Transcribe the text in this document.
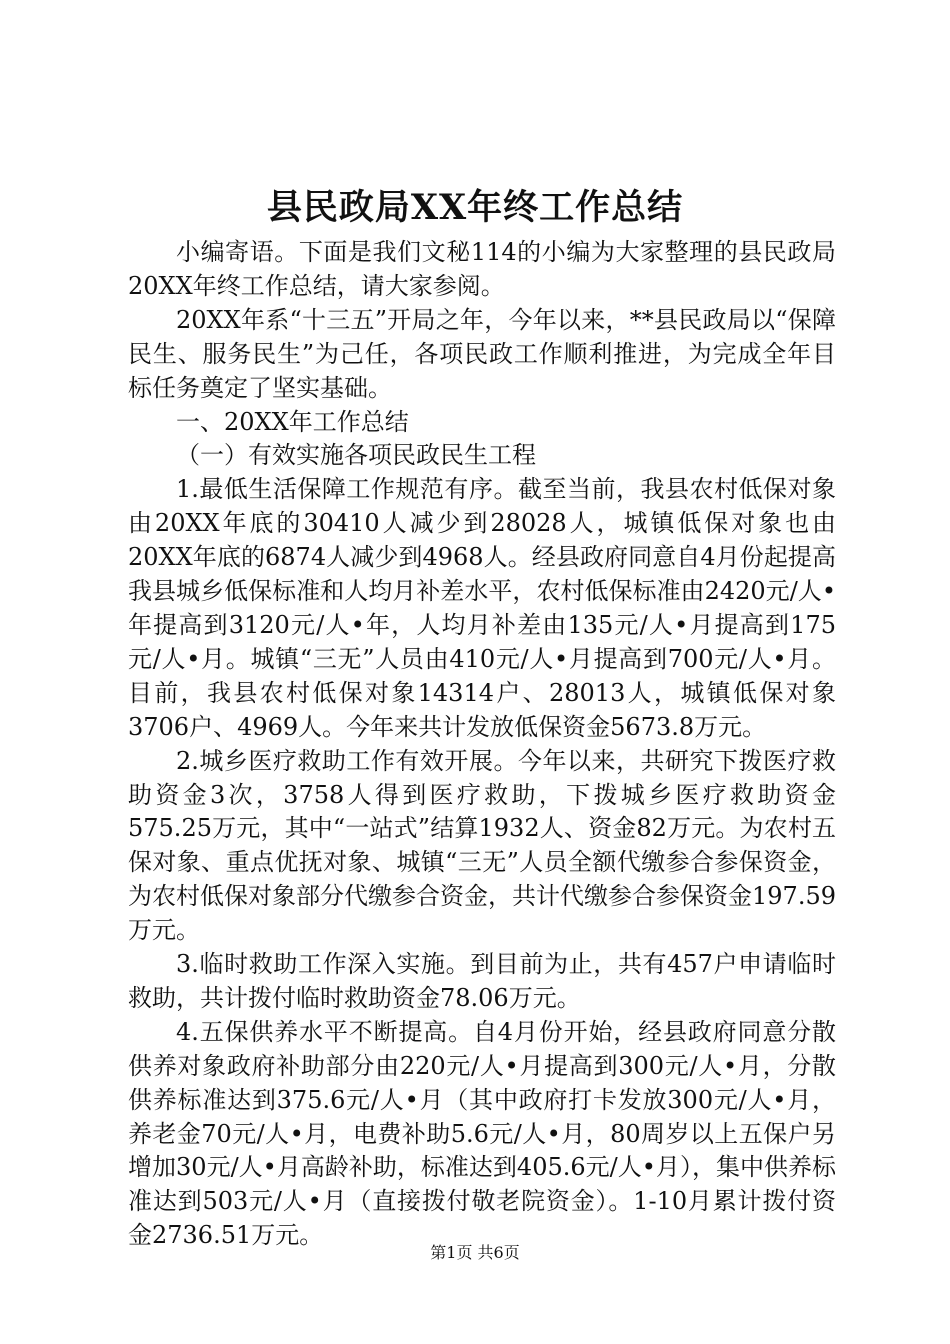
县民政局XX年终工作总结

小编寄语。下面是我们文秘114的小编为大家整理的县民政局20XX年终工作总结，请大家参阅。

20XX年系“十三五”开局之年，今年以来，**县民政局以“保障民生、服务民生”为己任，各项民政工作顺利推进，为完成全年目标任务奠定了坚实基础。

一、20XX年工作总结

（一）有效实施各项民政民生工程

1.最低生活保障工作规范有序。截至当前，我县农村低保对象由20XX年底的30410人减少到28028人，城镇低保对象也由20XX年底的6874人减少到4968人。经县政府同意自4月份起提高我县城乡低保标准和人均月补差水平，农村低保标准由2420元/人•年提高到3120元/人•年，人均月补差由135元/人•月提高到175元/人•月。城镇“三无”人员由410元/人•月提高到700元/人•月。目前，我县农村低保对象14314户、28013人，城镇低保对象3706户、4969人。今年来共计发放低保资金5673.8万元。

2.城乡医疗救助工作有效开展。今年以来，共研究下拨医疗救助资金3次，3758人得到医疗救助，下拨城乡医疗救助资金575.25万元，其中“一站式”结算1932人、资金82万元。为农村五保对象、重点优抚对象、城镇“三无”人员全额代缴参合参保资金，为农村低保对象部分代缴参合资金，共计代缴参合参保资金197.59万元。

3.临时救助工作深入实施。到目前为止，共有457户申请临时救助，共计拨付临时救助资金78.06万元。

4.五保供养水平不断提高。自4月份开始，经县政府同意分散供养对象政府补助部分由220元/人•月提高到300元/人•月，分散供养标准达到375.6元/人•月（其中政府打卡发放300元/人•月，养老金70元/人•月，电费补助5.6元/人•月，80周岁以上五保户另增加30元/人•月高龄补助，标准达到405.6元/人•月），集中供养标准达到503元/人•月（直接拨付敬老院资金）。1-10月累计拨付资金2736.51万元。

第1页 共6页
